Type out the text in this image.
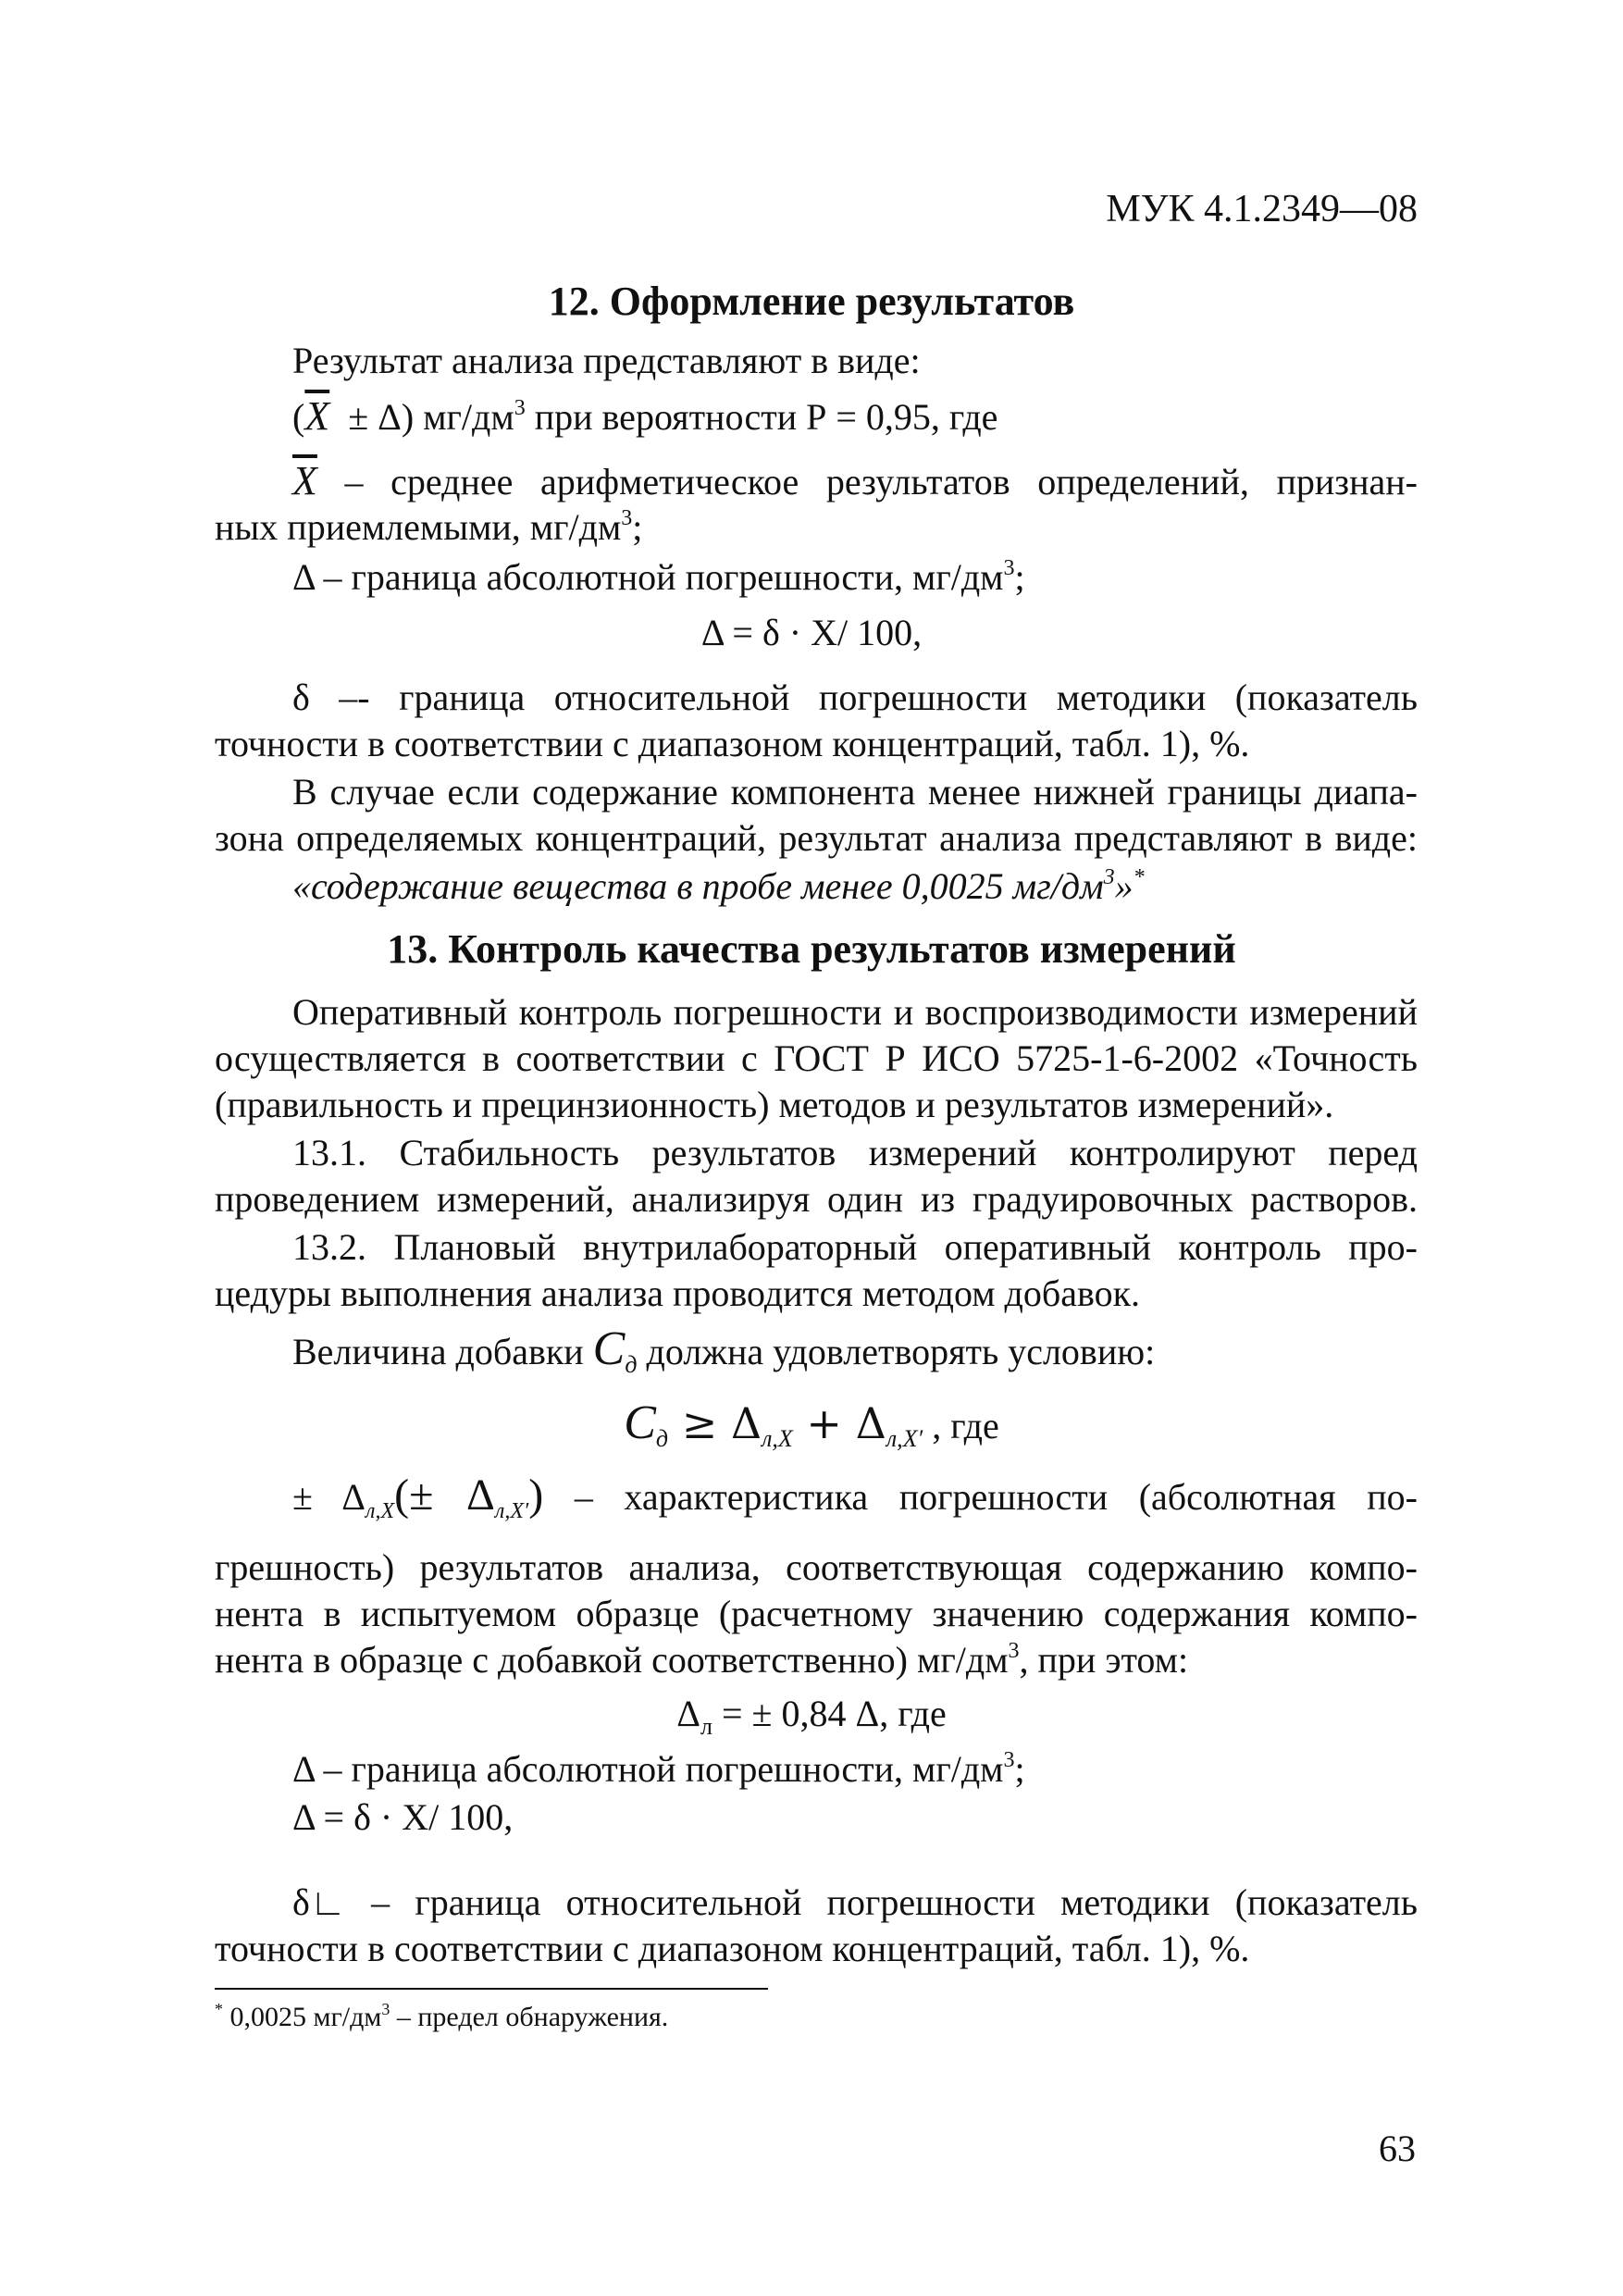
МУК 4.1.2349—08
12. Оформление результатов
Результат анализа представляют в виде:
$(\overline{X} \pm \Delta)$ $мг/дм^3$ при вероятности Р = 0,95, где
$\overline{X}$ – среднее арифметическое результатов определений, признан-
ных приемлемыми, $мг/дм^3$;
Δ – граница абсолютной погрешности, $мг/дм^3$;
Δ = δ · X/ 100,
δ –- граница относительной погрешности методики (показатель
точности в соответствии с диапазоном концентраций, табл. 1), %.
В случае если содержание компонента менее нижней границы диапа-
зона определяемых концентраций, результат анализа представляют в виде:
«содержание вещества в пробе менее 0,0025 $мг/дм^3»^*$
13. Контроль качества результатов измерений
Оперативный контроль погрешности и воспроизводимости измерений
осуществляется в соответствии с ГОСТ Р ИСО 5725-1-6-2002 «Точность
(правильность и прецинзионность) методов и результатов измерений».
13.1. Стабильность результатов измерений контролируют перед
проведением измерений, анализируя один из градуировочных растворов.
13.2. Плановый внутрилабораторный оперативный контроль про-
цедуры выполнения анализа проводится методом добавок.
Величина добавки $C_д$ должна удовлетворять условию:
$C_д \ge \Delta_{л,X} + \Delta_{л,X'}$ , где
± $\Delta_{л,X}(\pm \Delta_{л,X'})$ – характеристика погрешности (абсолютная по-
грешность) результатов анализа, соответствующая содержанию компо-
нента в испытуемом образце (расчетному значению содержания компо-
нента в образце с добавкой соответственно) $мг/дм^3$, при этом:
$\Delta_л$ = ± 0,84 Δ, где
Δ – граница абсолютной погрешности, $мг/дм^3$;
Δ = δ · X/ 100,
δ∟ – граница относительной погрешности методики (показатель
точности в соответствии с диапазоном концентраций, табл. 1), %.
* 0,0025 $мг/дм^3$ – предел обнаружения.
63
